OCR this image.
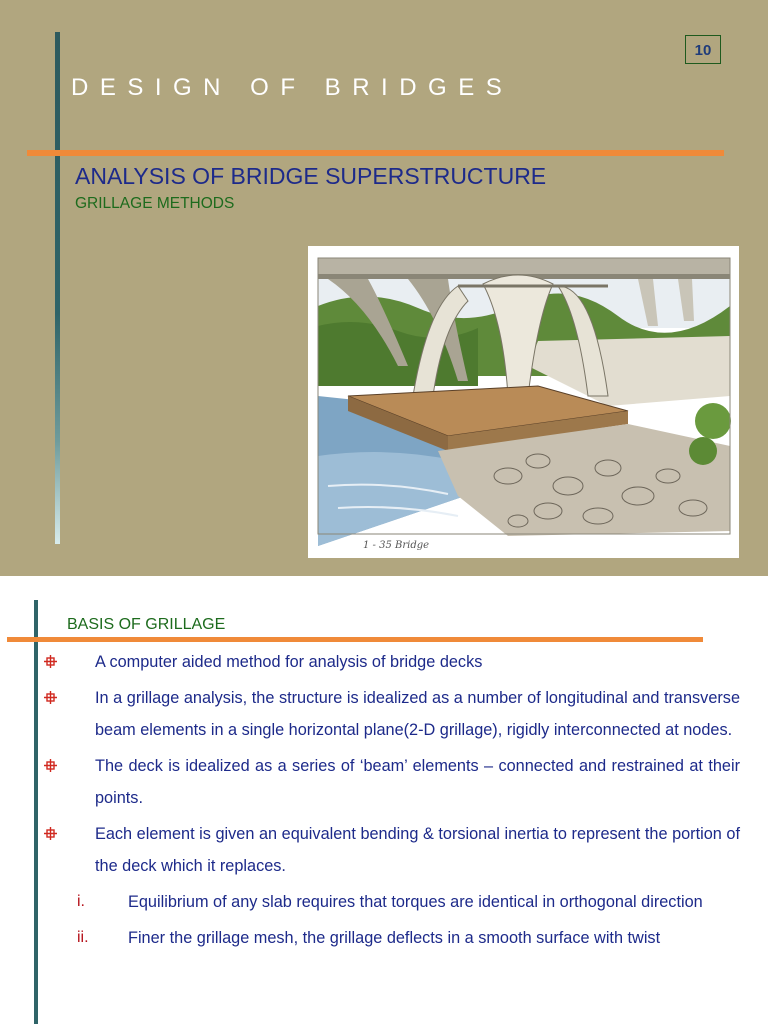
10
DESIGN OF BRIDGES
ANALYSIS OF BRIDGE SUPERSTRUCTURE
GRILLAGE METHODS
1 - 35 Bridge
BASIS OF GRILLAGE
A computer aided method for analysis of bridge decks
In a grillage analysis, the structure is idealized as a number of longitudinal and transverse beam elements in a single horizontal plane(2-D grillage), rigidly interconnected at nodes.
The deck is idealized as a series of ‘beam’ elements – connected and restrained at their points.
Each element is given an equivalent bending & torsional inertia to represent the portion of the deck which it replaces.
i.	Equilibrium of any slab requires that torques are identical in orthogonal direction
ii. Finer the grillage mesh, the grillage deflects in a smooth surface with twist
